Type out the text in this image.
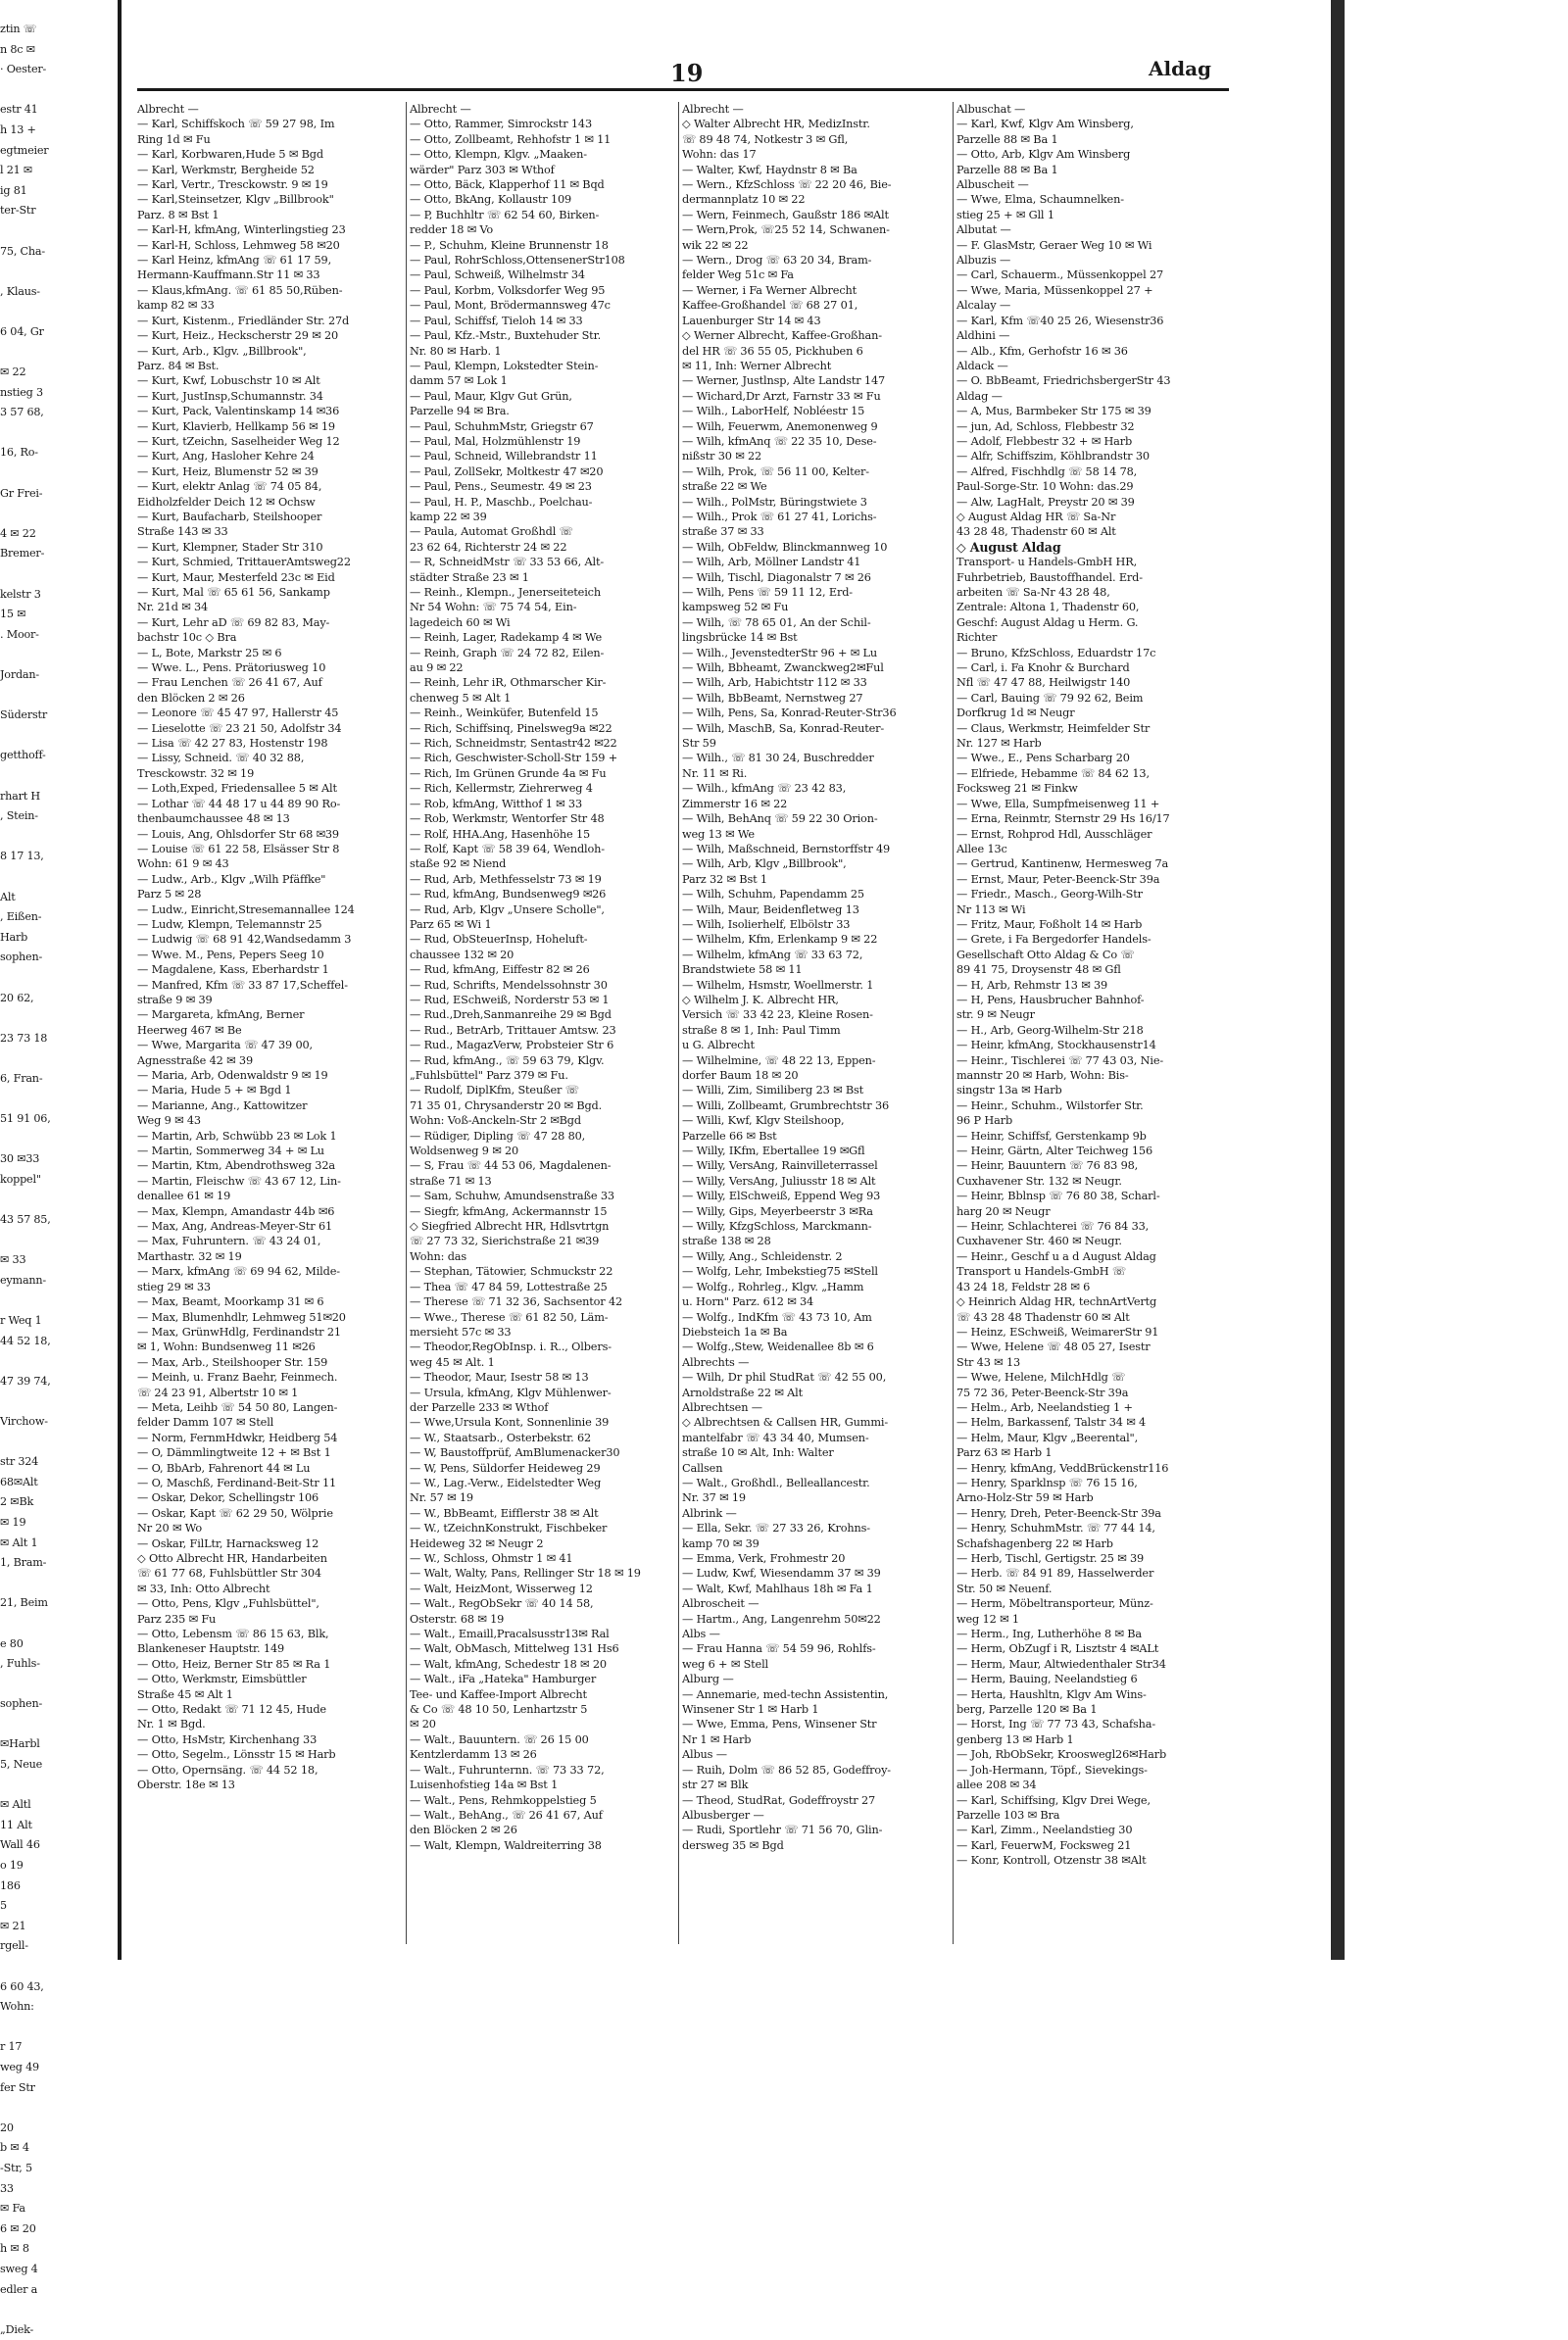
ztin ☏
n 8c ✉
· Oester-

estr 41
h 13 +
egtmeier
l 21 ✉
ig 81
ter-Str

75, Cha-

, Klaus-

6 04, Gr

✉ 22
nstieg 3
3 57 68,

16, Ro-

Gr Frei-

4 ✉ 22
Bremer-

kelstr 3
15 ✉
. Moor-

Jordan-

Süderstr

getthoff-

rhart H
, Stein-

8 17 13,

Alt
, Eißen-
Harb
sophen-

20 62,

23 73 18

6, Fran-

51 91 06,

30 ✉33
koppel"

43 57 85,

✉ 33
eymann-

r Weq 1
44 52 18,

47 39 74,

Virchow-

str 324
68✉Alt
2 ✉Bk
✉ 19
✉ Alt 1
1, Bram-

21, Beim

e 80
, Fuhls-

sophen-

✉Harbl
5, Neue

✉ Altl
11 Alt
Wall 46
o 19
186
5
✉ 21
rgell-

6 60 43,
Wohn:

r 17
weg 49
fer Str

20
b ✉ 4
-Str, 5
33
✉ Fa
6 ✉ 20
h ✉ 8
sweg 4
edler a

„Diek-
19	Aldag
Albrecht —
— Karl, Schiffskoch ☏ 59 27 98, Im
Ring 1d ✉ Fu
— Karl, Korbwaren,Hude 5 ✉ Bgd
— Karl, Werkmstr, Bergheide 52
— Karl, Vertr., Tresckowstr. 9 ✉ 19
— Karl,Steinsetzer, Klgv „Billbrook"
Parz. 8 ✉ Bst 1
— Karl-H, kfmAng, Winterlingstieg 23
— Karl-H, Schloss, Lehmweg 58 ✉20
— Karl Heinz, kfmAng ☏ 61 17 59,
Hermann-Kauffmann.Str 11 ✉ 33
— Klaus,kfmAng. ☏ 61 85 50,Rüben-
kamp 82 ✉ 33
— Kurt, Kistenm., Friedländer Str. 27d
— Kurt, Heiz., Heckscherstr 29 ✉ 20
— Kurt, Arb., Klgv. „Billbrook",
Parz. 84 ✉ Bst.
— Kurt, Kwf, Lobuschstr 10 ✉ Alt
— Kurt, JustInsp,Schumannstr. 34
— Kurt, Pack, Valentinskamp 14 ✉36
— Kurt, Klavierb, Hellkamp 56 ✉ 19
— Kurt, tZeichn, Saselheider Weg 12
— Kurt, Ang, Hasloher Kehre 24
— Kurt, Heiz, Blumenstr 52 ✉ 39
— Kurt, elektr Anlag ☏ 74 05 84,
Eidholzfelder Deich 12 ✉ Ochsw
— Kurt, Baufacharb, Steilshooper
Straße 143 ✉ 33
— Kurt, Klempner, Stader Str 310
— Kurt, Schmied, TrittauerAmtsweg22
— Kurt, Maur, Mesterfeld 23c ✉ Eid
— Kurt, Mal ☏ 65 61 56, Sankamp
Nr. 21d ✉ 34
— Kurt, Lehr aD ☏ 69 82 83, May-
bachstr 10c ◇ Bra
— L, Bote, Markstr 25 ✉ 6
— Wwe. L., Pens. Prätoriusweg 10
— Frau Lenchen ☏ 26 41 67, Auf
den Blöcken 2 ✉ 26
— Leonore ☏ 45 47 97, Hallerstr 45
— Lieselotte ☏ 23 21 50, Adolfstr 34
— Lisa ☏ 42 27 83, Hostenstr 198
— Lissy, Schneid. ☏ 40 32 88,
Tresckowstr. 32 ✉ 19
— Loth,Exped, Friedensallee 5 ✉ Alt
— Lothar ☏ 44 48 17 u 44 89 90 Ro-
thenbaumchaussee 48 ✉ 13
— Louis, Ang, Ohlsdorfer Str 68 ✉39
— Louise ☏ 61 22 58, Elsässer Str 8
Wohn: 61 9 ✉ 43
— Ludw., Arb., Klgv „Wilh Pfäffke"
Parz 5 ✉ 28
— Ludw., Einricht,Stresemannallee 124
— Ludw, Klempn, Telemannstr 25
— Ludwig ☏ 68 91 42,Wandsedamm 3
— Wwe. M., Pens, Pepers Seeg 10
— Magdalene, Kass, Eberhardstr 1
— Manfred, Kfm ☏ 33 87 17,Scheffel-
straße 9 ✉ 39
— Margareta, kfmAng, Berner
Heerweg 467 ✉ Be
— Wwe, Margarita ☏ 47 39 00,
Agnesstraße 42 ✉ 39
— Maria, Arb, Odenwaldstr 9 ✉ 19
— Maria, Hude 5 + ✉ Bgd 1
— Marianne, Ang., Kattowitzer
Weg 9 ✉ 43
— Martin, Arb, Schwübb 23 ✉ Lok 1
— Martin, Sommerweg 34 + ✉ Lu
— Martin, Ktm, Abendrothsweg 32a
— Martin, Fleischw ☏ 43 67 12, Lin-
denallee 61 ✉ 19
— Max, Klempn, Amandastr 44b ✉6
— Max, Ang, Andreas-Meyer-Str 61
— Max, Fuhruntern. ☏ 43 24 01,
Marthastr. 32 ✉ 19
— Marx, kfmAng ☏ 69 94 62, Milde-
stieg 29 ✉ 33
— Max, Beamt, Moorkamp 31 ✉ 6
— Max, Blumenhdlr, Lehmweg 51✉20
— Max, GrünwHdlg, Ferdinandstr 21
✉ 1, Wohn: Bundsenweg 11 ✉26
— Max, Arb., Steilshooper Str. 159
— Meinh, u. Franz Baehr, Feinmech.
☏ 24 23 91, Albertstr 10 ✉ 1
— Meta, Leihb ☏ 54 50 80, Langen-
felder Damm 107 ✉ Stell
— Norm, FernmHdwkr, Heidberg 54
— O, Dämmlingtweite 12 + ✉ Bst 1
— O, BbArb, Fahrenort 44 ✉ Lu
— O, Maschß, Ferdinand-Beit-Str 11
— Oskar, Dekor, Schellingstr 106
— Oskar, Kapt ☏ 62 29 50, Wölprie
Nr 20 ✉ Wo
— Oskar, FilLtr, Harnacksweg 12
◇ Otto Albrecht HR, Handarbeiten
☏ 61 77 68, Fuhlsbüttler Str 304
✉ 33, Inh: Otto Albrecht
— Otto, Pens, Klgv „Fuhlsbüttel",
Parz 235 ✉ Fu
— Otto, Lebensm ☏ 86 15 63, Blk,
Blankeneser Hauptstr. 149
— Otto, Heiz, Berner Str 85 ✉ Ra 1
— Otto, Werkmstr, Eimsbüttler
Straße 45 ✉ Alt 1
— Otto, Redakt ☏ 71 12 45, Hude
Nr. 1 ✉ Bgd.
— Otto, HsMstr, Kirchenhang 33
— Otto, Segelm., Lönsstr 15 ✉ Harb
— Otto, Opernsäng. ☏ 44 52 18,
Oberstr. 18e ✉ 13
Albrecht —
— Otto, Rammer, Simrockstr 143
— Otto, Zollbeamt, Rehhofstr 1 ✉ 11
— Otto, Klempn, Klgv. „Maaken-
wärder" Parz 303 ✉ Wthof
— Otto, Bäck, Klapperhof 11 ✉ Bqd
— Otto, BkAng, Kollaustr 109
— P, Buchhltr ☏ 62 54 60, Birken-
redder 18 ✉ Vo
— P., Schuhm, Kleine Brunnenstr 18
— Paul, RohrSchloss,OttensenerStr108
— Paul, Schweiß, Wilhelmstr 34
— Paul, Korbm, Volksdorfer Weg 95
— Paul, Mont, Brödermannsweg 47c
— Paul, Schiffsf, Tieloh 14 ✉ 33
— Paul, Kfz.-Mstr., Buxtehuder Str.
Nr. 80 ✉ Harb. 1
— Paul, Klempn, Lokstedter Stein-
damm 57 ✉ Lok 1
— Paul, Maur, Klgv Gut Grün,
Parzelle 94 ✉ Bra.
— Paul, SchuhmMstr, Griegstr 67
— Paul, Mal, Holzmühlenstr 19
— Paul, Schneid, Willebrandstr 11
— Paul, ZollSekr, Moltkestr 47 ✉20
— Paul, Pens., Seumestr. 49 ✉ 23
— Paul, H. P., Maschb., Poelchau-
kamp 22 ✉ 39
— Paula, Automat Großhdl ☏
23 62 64, Richterstr 24 ✉ 22
— R, SchneidMstr ☏ 33 53 66, Alt-
städter Straße 23 ✉ 1
— Reinh., Klempn., Jenerseiteteich
Nr 54 Wohn: ☏ 75 74 54, Ein-
lagedeich 60 ✉ Wi
— Reinh, Lager, Radekamp 4 ✉ We
— Reinh, Graph ☏ 24 72 82, Eilen-
au 9 ✉ 22
— Reinh, Lehr iR, Othmarscher Kir-
chenweg 5 ✉ Alt 1
— Reinh., Weinküfer, Butenfeld 15
— Rich, Schiffsinq, Pinelsweg9a ✉22
— Rich, Schneidmstr, Sentastr42 ✉22
— Rich, Geschwister-Scholl-Str 159 +
— Rich, Im Grünen Grunde 4a ✉ Fu
— Rich, Kellermstr, Ziehrerweg 4
— Rob, kfmAng, Witthof 1 ✉ 33
— Rob, Werkmstr, Wentorfer Str 48
— Rolf, HHA.Ang, Hasenhöhe 15
— Rolf, Kapt ☏ 58 39 64, Wendloh-
staße 92 ✉ Niend
— Rud, Arb, Methfesselstr 73 ✉ 19
— Rud, kfmAng, Bundsenweg9 ✉26
— Rud, Arb, Klgv „Unsere Scholle",
Parz 65 ✉ Wi 1
— Rud, ObSteuerInsp, Hoheluft-
chaussee 132 ✉ 20
— Rud, kfmAng, Eiffestr 82 ✉ 26
— Rud, Schrifts, Mendelssohnstr 30
— Rud, ESchweiß, Norderstr 53 ✉ 1
— Rud.,Dreh,Sanmanreihe 29 ✉ Bgd
— Rud., BetrArb, Trittauer Amtsw. 23
— Rud., MagazVerw, Probsteier Str 6
— Rud, kfmAng., ☏ 59 63 79, Klgv.
„Fuhlsbüttel" Parz 379 ✉ Fu.
— Rudolf, DiplKfm, Steußer ☏
71 35 01, Chrysanderstr 20 ✉ Bgd.
Wohn: Voß-Anckeln-Str 2 ✉Bgd
— Rüdiger, Dipling ☏ 47 28 80,
Woldsenweg 9 ✉ 20
— S, Frau ☏ 44 53 06, Magdalenen-
straße 71 ✉ 13
— Sam, Schuhw, Amundsenstraße 33
— Siegfr, kfmAng, Ackermannstr 15
◇ Siegfried Albrecht HR, Hdlsvtrtgn
☏ 27 73 32, Sierichstraße 21 ✉39
Wohn: das
— Stephan, Tätowier, Schmuckstr 22
— Thea ☏ 47 84 59, Lottestraße 25
— Therese ☏ 71 32 36, Sachsentor 42
— Wwe., Therese ☏ 61 82 50, Läm-
mersieht 57c ✉ 33
— Theodor,RegObInsp. i. R.., Olbers-
weg 45 ✉ Alt. 1
— Theodor, Maur, Isestr 58 ✉ 13
— Ursula, kfmAng, Klgv Mühlenwer-
der Parzelle 233 ✉ Wthof
— Wwe,Ursula Kont, Sonnenlinie 39
— W., Staatsarb., Osterbekstr. 62
— W, Baustoffprüf, AmBlumenacker30
— W, Pens, Süldorfer Heideweg 29
— W., Lag.-Verw., Eidelstedter Weg
Nr. 57 ✉ 19
— W., BbBeamt, Eifflerstr 38 ✉ Alt
— W., tZeichnKonstrukt, Fischbeker
Heideweg 32 ✉ Neugr 2
— W., Schloss, Ohmstr 1 ✉ 41
— Walt, Walty, Pans, Rellinger Str 18 ✉ 19
— Walt, HeizMont, Wisserweg 12
— Walt., RegObSekr ☏ 40 14 58,
Osterstr. 68 ✉ 19
— Walt., Emaill,Pracalsusstr13✉ Ral
— Walt, ObMasch, Mittelweg 131 Hs6
— Walt, kfmAng, Schedestr 18 ✉ 20
— Walt., iFa „Hateka" Hamburger
Tee- und Kaffee-Import Albrecht
& Co ☏ 48 10 50, Lenhartzstr 5
✉ 20
— Walt., Bauuntern. ☏ 26 15 00
Kentzlerdamm 13 ✉ 26
— Walt., Fuhrunternn. ☏ 73 33 72,
Luisenhofstieg 14a ✉ Bst 1
— Walt., Pens, Rehmkoppelstieg 5
— Walt., BehAng., ☏ 26 41 67, Auf
den Blöcken 2 ✉ 26
— Walt, Klempn, Waldreiterring 38
Albrecht —
◇ Walter Albrecht HR, MedizInstr.
☏ 89 48 74, Notkestr 3 ✉ Gfl,
Wohn: das 17
— Walter, Kwf, Haydnstr 8 ✉ Ba
— Wern., KfzSchloss ☏ 22 20 46, Bie-
dermannplatz 10 ✉ 22
— Wern, Feinmech, Gaußstr 186 ✉Alt
— Wern,Prok, ☏25 52 14, Schwanen-
wik 22 ✉ 22
— Wern., Drog ☏ 63 20 34, Bram-
felder Weg 51c ✉ Fa
— Werner, i Fa Werner Albrecht
Kaffee-Großhandel ☏ 68 27 01,
Lauenburger Str 14 ✉ 43
◇ Werner Albrecht, Kaffee-Großhan-
del HR ☏ 36 55 05, Pickhuben 6
✉ 11, Inh: Werner Albrecht
— Werner, Justlnsp, Alte Landstr 147
— Wichard,Dr Arzt, Farnstr 33 ✉ Fu
— Wilh., LaborHelf, Nobléestr 15
— Wilh, Feuerwm, Anemonenweg 9
— Wilh, kfmAnq ☏ 22 35 10, Dese-
nißstr 30 ✉ 22
— Wilh, Prok, ☏ 56 11 00, Kelter-
straße 22 ✉ We
— Wilh., PolMstr, Büringstwiete 3
— Wilh., Prok ☏ 61 27 41, Lorichs-
straße 37 ✉ 33
— Wilh, ObFeldw, Blinckmannweg 10
— Wilh, Arb, Möllner Landstr 41
— Wilh, Tischl, Diagonalstr 7 ✉ 26
— Wilh, Pens ☏ 59 11 12, Erd-
kampsweg 52 ✉ Fu
— Wilh, ☏ 78 65 01, An der Schil-
lingsbrücke 14 ✉ Bst
— Wilh., JevenstedterStr 96 + ✉ Lu
— Wilh, Bbheamt, Zwanckweg2✉Ful
— Wilh, Arb, Habichtstr 112 ✉ 33
— Wilh, BbBeamt, Nernstweg 27
— Wilh, Pens, Sa, Konrad-Reuter-Str36
— Wilh, MaschB, Sa, Konrad-Reuter-
Str 59
— Wilh., ☏ 81 30 24, Buschredder
Nr. 11 ✉ Ri.
— Wilh., kfmAng ☏ 23 42 83,
Zimmerstr 16 ✉ 22
— Wilh, BehAnq ☏ 59 22 30 Orion-
weg 13 ✉ We
— Wilh, Maßschneid, Bernstorffstr 49
— Wilh, Arb, Klgv „Billbrook",
Parz 32 ✉ Bst 1
— Wilh, Schuhm, Papendamm 25
— Wilh, Maur, Beidenfletweg 13
— Wilh, Isolierhelf, Elbölstr 33
— Wilhelm, Kfm, Erlenkamp 9 ✉ 22
— Wilhelm, kfmAng ☏ 33 63 72,
Brandstwiete 58 ✉ 11
— Wilhelm, Hsmstr, Woellmerstr. 1
◇ Wilhelm J. K. Albrecht HR,
Versich ☏ 33 42 23, Kleine Rosen-
straße 8 ✉ 1, Inh: Paul Timm
u G. Albrecht
— Wilhelmine, ☏ 48 22 13, Eppen-
dorfer Baum 18 ✉ 20
— Willi, Zim, Similiberg 23 ✉ Bst
— Willi, Zollbeamt, Grumbrechtstr 36
— Willi, Kwf, Klgv Steilshoop,
Parzelle 66 ✉ Bst
— Willy, IKfm, Ebertallee 19 ✉Gfl
— Willy, VersAng, Rainvilleterrassel
— Willy, VersAng, Juliusstr 18 ✉ Alt
— Willy, ElSchweiß, Eppend Weg 93
— Willy, Gips, Meyerbeerstr 3 ✉Ra
— Willy, KfzgSchloss, Marckmann-
straße 138 ✉ 28
— Willy, Ang., Schleidenstr. 2
— Wolfg, Lehr, Imbekstieg75 ✉Stell
— Wolfg., Rohrleg., Klgv. „Hamm
u. Horn" Parz. 612 ✉ 34
— Wolfg., IndKfm ☏ 43 73 10, Am
Diebsteich 1a ✉ Ba
— Wolfg.,Stew, Weidenallee 8b ✉ 6
Albrechts —
— Wilh, Dr phil StudRat ☏ 42 55 00,
Arnoldstraße 22 ✉ Alt
Albrechtsen —
◇ Albrechtsen & Callsen HR, Gummi-
mantelfabr ☏ 43 34 40, Mumsen-
straße 10 ✉ Alt, Inh: Walter
Callsen
— Walt., Großhdl., Belleallancestr.
Nr. 37 ✉ 19
Albrink —
— Ella, Sekr. ☏ 27 33 26, Krohns-
kamp 70 ✉ 39
— Emma, Verk, Frohmestr 20
— Ludw, Kwf, Wiesendamm 37 ✉ 39
— Walt, Kwf, Mahlhaus 18h ✉ Fa 1
Albroscheit —
— Hartm., Ang, Langenrehm 50✉22
Albs —
— Frau Hanna ☏ 54 59 96, Rohlfs-
weg 6 + ✉ Stell
Alburg —
— Annemarie, med-techn Assistentin,
Winsener Str 1 ✉ Harb 1
— Wwe, Emma, Pens, Winsener Str
Nr 1 ✉ Harb
Albus —
— Ruih, Dolm ☏ 86 52 85, Godeffroy-
str 27 ✉ Blk
— Theod, StudRat, Godeffroystr 27
Albusberger —
— Rudi, Sportlehr ☏ 71 56 70, Glin-
dersweg 35 ✉ Bgd
Albuschat —
— Karl, Kwf, Klgv Am Winsberg,
Parzelle 88 ✉ Ba 1
— Otto, Arb, Klgv Am Winsberg
Parzelle 88 ✉ Ba 1
Albuscheit —
— Wwe, Elma, Schaumnelken-
stieg 25 + ✉ Gll 1
Albutat —
— F. GlasMstr, Geraer Weg 10 ✉ Wi
Albuzis —
— Carl, Schauerm., Müssenkoppel 27
— Wwe, Maria, Müssenkoppel 27 +
Alcalay —
— Karl, Kfm ☏40 25 26, Wiesenstr36
Aldhini —
— Alb., Kfm, Gerhofstr 16 ✉ 36
Aldack —
— O. BbBeamt, FriedrichsbergerStr 43
Aldag —
— A, Mus, Barmbeker Str 175 ✉ 39
— jun, Ad, Schloss, Flebbestr 32
— Adolf, Flebbestr 32 + ✉ Harb
— Alfr, Schiffszim, Köhlbrandstr 30
— Alfred, Fischhdlg ☏ 58 14 78,
Paul-Sorge-Str. 10 Wohn: das.29
— Alw, LagHalt, Preystr 20 ✉ 39
◇ August Aldag HR ☏ Sa-Nr
43 28 48, Thadenstr 60 ✉ Alt
◇ August Aldag
Transport- u Handels-GmbH HR,
Fuhrbetrieb, Baustoffhandel. Erd-
arbeiten ☏ Sa-Nr 43 28 48,
Zentrale: Altona 1, Thadenstr 60,
Geschf: August Aldag u Herm. G.
Richter
— Bruno, KfzSchloss, Eduardstr 17c
— Carl, i. Fa Knohr & Burchard
Nfl ☏ 47 47 88, Heilwigstr 140
— Carl, Bauing ☏ 79 92 62, Beim
Dorfkrug 1d ✉ Neugr
— Claus, Werkmstr, Heimfelder Str
Nr. 127 ✉ Harb
— Wwe., E., Pens Scharbarg 20
— Elfriede, Hebamme ☏ 84 62 13,
Focksweg 21 ✉ Finkw
— Wwe, Ella, Sumpfmeisenweg 11 +
— Erna, Reinmtr, Sternstr 29 Hs 16/17
— Ernst, Rohprod Hdl, Ausschläger
Allee 13c
— Gertrud, Kantinenw, Hermesweg 7a
— Ernst, Maur, Peter-Beenck-Str 39a
— Friedr., Masch., Georg-Wilh-Str
Nr 113 ✉ Wi
— Fritz, Maur, Foßholt 14 ✉ Harb
— Grete, i Fa Bergedorfer Handels-
Gesellschaft Otto Aldag & Co ☏
89 41 75, Droysenstr 48 ✉ Gfl
— H, Arb, Rehmstr 13 ✉ 39
— H, Pens, Hausbrucher Bahnhof-
str. 9 ✉ Neugr
— H., Arb, Georg-Wilhelm-Str 218
— Heinr, kfmAng, Stockhausenstr14
— Heinr., Tischlerei ☏ 77 43 03, Nie-
mannstr 20 ✉ Harb, Wohn: Bis-
singstr 13a ✉ Harb
— Heinr., Schuhm., Wilstorfer Str.
96 P Harb
— Heinr, Schiffsf, Gerstenkamp 9b
— Heinr, Gärtn, Alter Teichweg 156
— Heinr, Bauuntern ☏ 76 83 98,
Cuxhavener Str. 132 ✉ Neugr.
— Heinr, Bblnsp ☏ 76 80 38, Scharl-
harg 20 ✉ Neugr
— Heinr, Schlachterei ☏ 76 84 33,
Cuxhavener Str. 460 ✉ Neugr.
— Heinr., Geschf u a d August Aldag
Transport u Handels-GmbH ☏
43 24 18, Feldstr 28 ✉ 6
◇ Heinrich Aldag HR, technArtVertg
☏ 43 28 48 Thadenstr 60 ✉ Alt
— Heinz, ESchweiß, WeimarerStr 91
— Wwe, Helene ☏ 48 05 27, Isestr
Str 43 ✉ 13
— Wwe, Helene, MilchHdlg ☏
75 72 36, Peter-Beenck-Str 39a
— Helm., Arb, Neelandstieg 1 +
— Helm, Barkassenf, Talstr 34 ✉ 4
— Helm, Maur, Klgv „Beerental",
Parz 63 ✉ Harb 1
— Henry, kfmAng, VeddBrückenstr116
— Henry, Sparklnsp ☏ 76 15 16,
Arno-Holz-Str 59 ✉ Harb
— Henry, Dreh, Peter-Beenck-Str 39a
— Henry, SchuhmMstr. ☏ 77 44 14,
Schafshagenberg 22 ✉ Harb
— Herb, Tischl, Gertigstr. 25 ✉ 39
— Herb. ☏ 84 91 89, Hasselwerder
Str. 50 ✉ Neuenf.
— Herm, Möbeltransporteur, Münz-
weg 12 ✉ 1
— Herm., Ing, Lutherhöhe 8 ✉ Ba
— Herm, ObZugf i R, Lisztstr 4 ✉ALt
— Herm, Maur, Altwiedenthaler Str34
— Herm, Bauing, Neelandstieg 6
— Herta, Haushltn, Klgv Am Wins-
berg, Parzelle 120 ✉ Ba 1
— Horst, Ing ☏ 77 73 43, Schafsha-
genberg 13 ✉ Harb 1
— Joh, RbObSekr, Krooswegl26✉Harb
— Joh-Hermann, Töpf., Sievekings-
allee 208 ✉ 34
— Karl, Schiffsing, Klgv Drei Wege,
Parzelle 103 ✉ Bra
— Karl, Zimm., Neelandstieg 30
— Karl, FeuerwM, Focksweg 21
— Konr, Kontroll, Otzenstr 38 ✉Alt
